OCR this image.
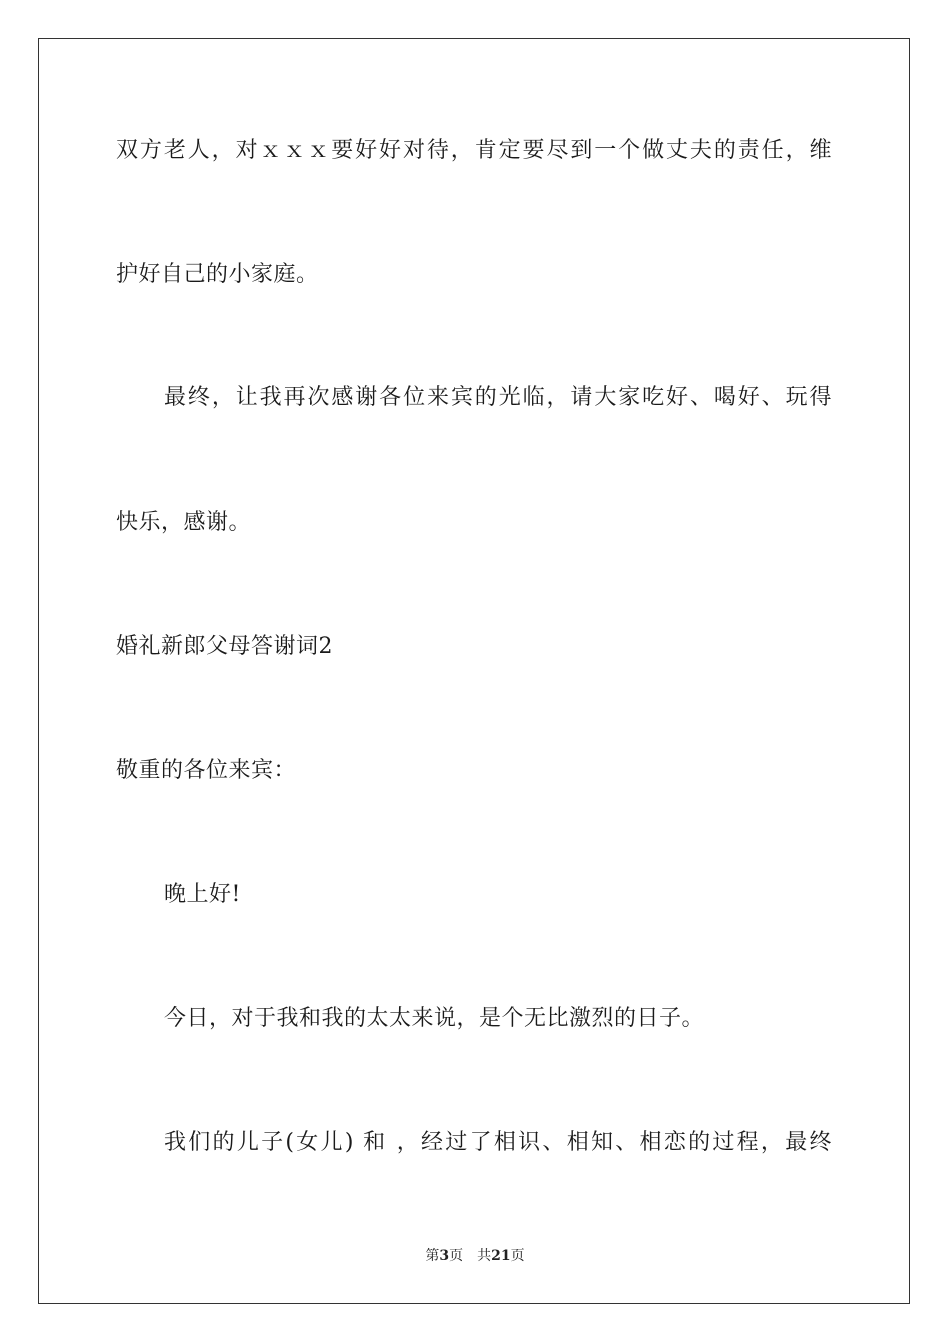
双方老人，对ｘｘｘ要好好对待，肯定要尽到一个做丈夫的责任，维
护好自己的小家庭。
最终，让我再次感谢各位来宾的光临，请大家吃好、喝好、玩得
快乐，感谢。
婚礼新郎父母答谢词2
敬重的各位来宾：
晚上好!
今日，对于我和我的太太来说，是个无比激烈的日子。
我们的儿子(女儿) 和 ，经过了相识、相知、相恋的过程，最终
第3页 共21页
